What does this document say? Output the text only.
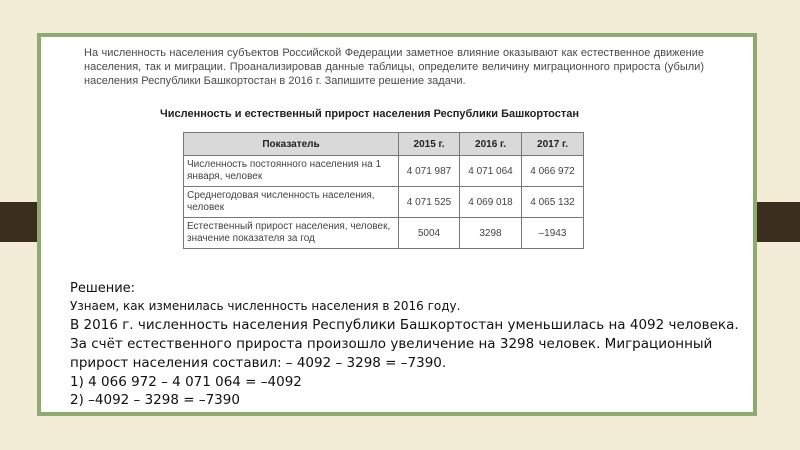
На численность населения субъектов Российской Федерации заметное влияние оказывают как естественное движение населения, так и миграции. Проанализировав данные таблицы, определите величину миграционного прироста (убыли) населения Республики Башкортостан в 2016 г. Запишите решение задачи.
Численность и естественный прирост населения Республики Башкортостан
Показатель	2015 г.	2016 г.	2017 г.
Численность постоянного населения на 1 января, человек	4 071 987	4 071 064	4 066 972
Среднегодовая численность населения, человек	4 071 525	4 069 018	4 065 132
Естественный прирост населения, человек, значение показателя за год	5004	3298	–1943
Решение:
Узнаем, как изменилась численность населения в 2016 году.
В 2016 г. численность населения Республики Башкортостан уменьшилась на 4092 человека. За счёт естественного прироста произошло увеличение на 3298 человек. Миграционный прирост населения составил: – 4092 – 3298 = –7390.
1) 4 066 972 – 4 071 064 = –4092
2) –4092 – 3298 = –7390
